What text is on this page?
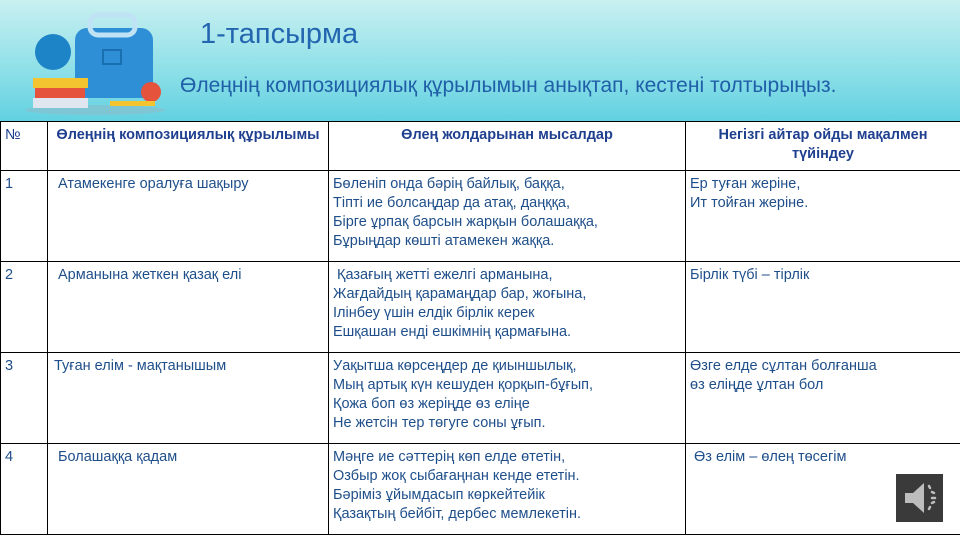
1-тапсырма
Өлеңнің композициялық құрылымын анықтап, кестені толтырыңыз.
№	Өлеңнің композициялық құрылымы	Өлең жолдарынан мысалдар	Негізгі айтар ойды мақалмен түйіндеу
1	Атамекенге оралуға шақыру	Бөленіп онда бәрің байлық, баққа,
Тіпті ие болсаңдар да атақ, даңққа,
Бірге ұрпақ барсын жарқын болашаққа,
Бұрыңдар көшті атамекен жаққа.	Ер туған жеріне,
Ит тойған жеріне.

2	Арманына жеткен қазақ елі	Қазағың жетті ежелгі арманына,
Жағдайдың қарамаңдар бар, жоғына,
Ілінбеу үшін елдік бірлік керек
Ешқашан енді ешкімнің қармағына.	Бірлік түбі – тірлік

3	Туған елім - мақтанышым	Уақытша көрсеңдер де қиыншылық,
Мың артық күн кешуден қорқып-бұғып,
Қожа боп өз жеріңде өз еліңе
Не жетсін тер төгуге соны ұғып.	Өзге елде сұлтан болғанша
өз еліңде ұлтан бол

4	Болашаққа қадам	Мәңге ие сәттерің көп елде өтетін,
Озбыр жоқ сыбағаңнан кенде ететін.
Бәріміз ұйымдасып көркейтейік
Қазақтың бейбіт, дербес мемлекетін.	Өз елім – өлең төсегім
